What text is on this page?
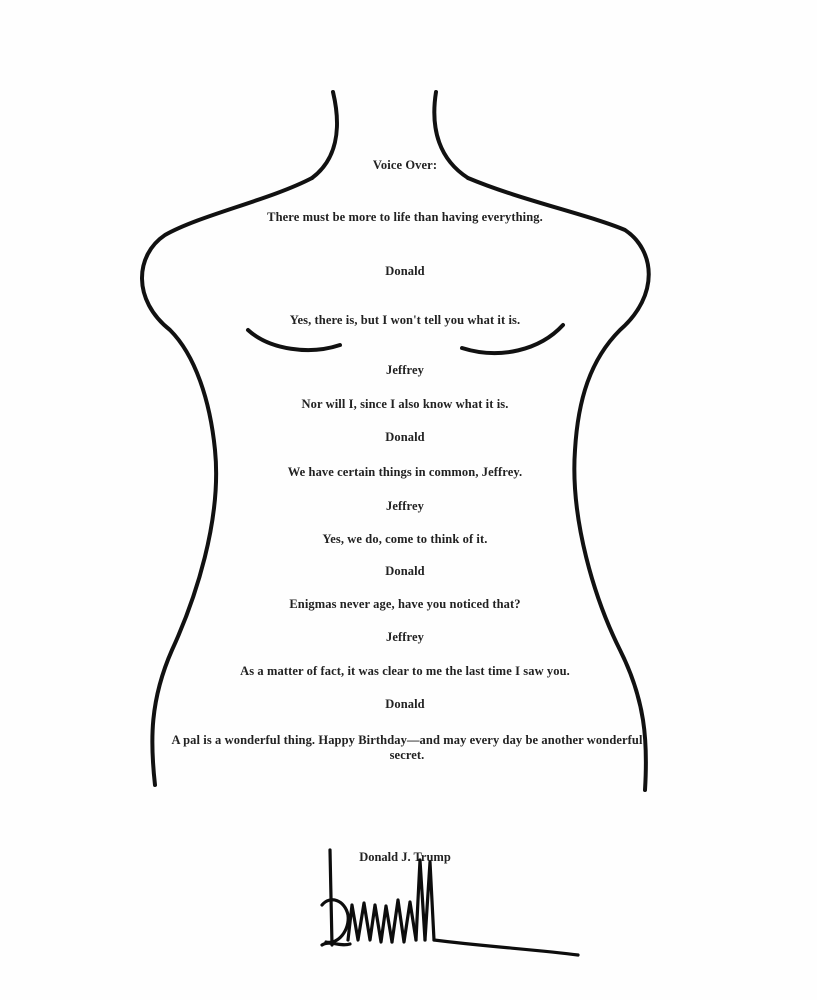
Voice Over:
There must be more to life than having everything.
Donald
Yes, there is, but I won't tell you what it is.
Jeffrey
Nor will I, since I also know what it is.
Donald
We have certain things in common, Jeffrey.
Jeffrey
Yes, we do, come to think of it.
Donald
Enigmas never age, have you noticed that?
Jeffrey
As a matter of fact, it was clear to me the last time I saw you.
Donald
A pal is a wonderful thing. Happy Birthday—and may every day be another wonderful secret.
Donald J. Trump
